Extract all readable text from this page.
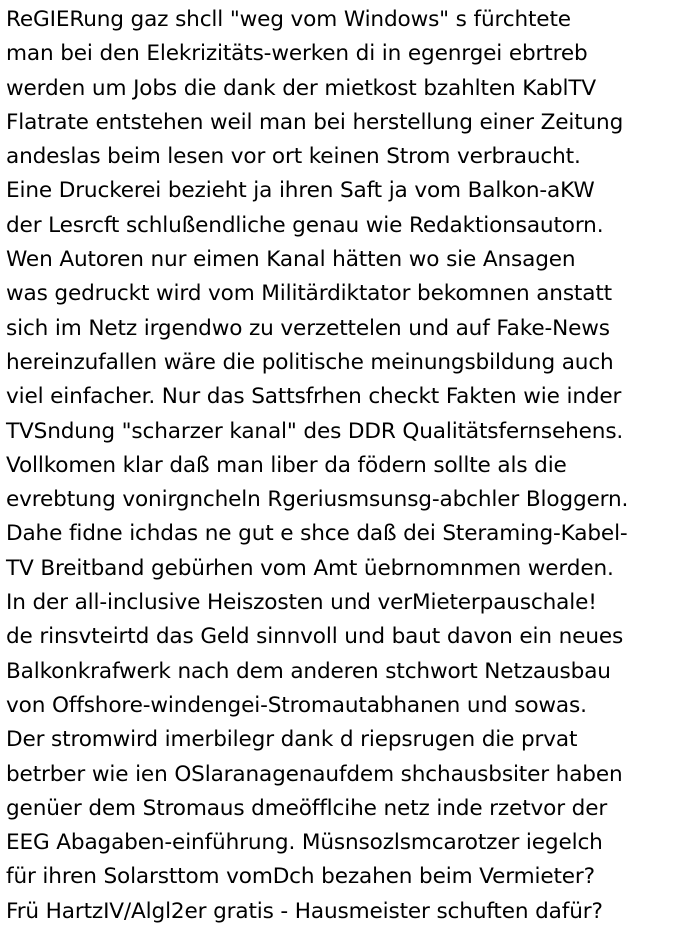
ReGIERung gaz shcll "weg vom Windows" s fürchtete
man bei den Elekrizitäts-werken di in egenrgei ebrtreb
werden um Jobs die dank der mietkost bzahlten KablTV
Flatrate entstehen weil man bei herstellung einer Zeitung
andeslas beim lesen vor ort keinen Strom verbraucht.
Eine Druckerei bezieht ja ihren Saft ja vom Balkon-aKW
der Lesrcft schlußendliche genau wie Redaktionsautorn.
Wen Autoren nur eimen Kanal hätten wo sie Ansagen
was gedruckt wird vom Militärdiktator bekomnen anstatt
sich im Netz irgendwo zu verzettelen und auf Fake-News
hereinzufallen wäre die politische meinungsbildung auch
viel einfacher. Nur das Sattsfrhen checkt Fakten wie inder
TVSndung "scharzer kanal" des DDR Qualitätsfernsehens.
Vollkomen klar daß man liber da födern sollte als die
evrebtung vonirgncheln Rgeriusmsunsg-abchler Bloggern.
Dahe fidne ichdas ne gut e shce daß dei Steraming-Kabel-
TV Breitband gebürhen vom Amt üebrnomnmen werden.
In der all-inclusive Heiszosten und verMieterpauschale!
de rinsvteirtd das Geld sinnvoll und baut davon ein neues
Balkonkrafwerk nach dem anderen stchwort Netzausbau
von Offshore-windengei-Stromautabhanen und sowas.
Der stromwird imerbilegr dank d riepsrugen die prvat
betrber wie ien OSlaranagenaufdem shchausbsiter haben
genüer dem Stromaus dmeöfflcihe netz inde rzetvor der
EEG Abagaben-einführung. Müsnsozlsmcarotzer iegelch
für ihren Solarsttom vomDch bezahen beim Vermieter?
Frü HartzIV/Algl2er gratis - Hausmeister schuften dafür?
